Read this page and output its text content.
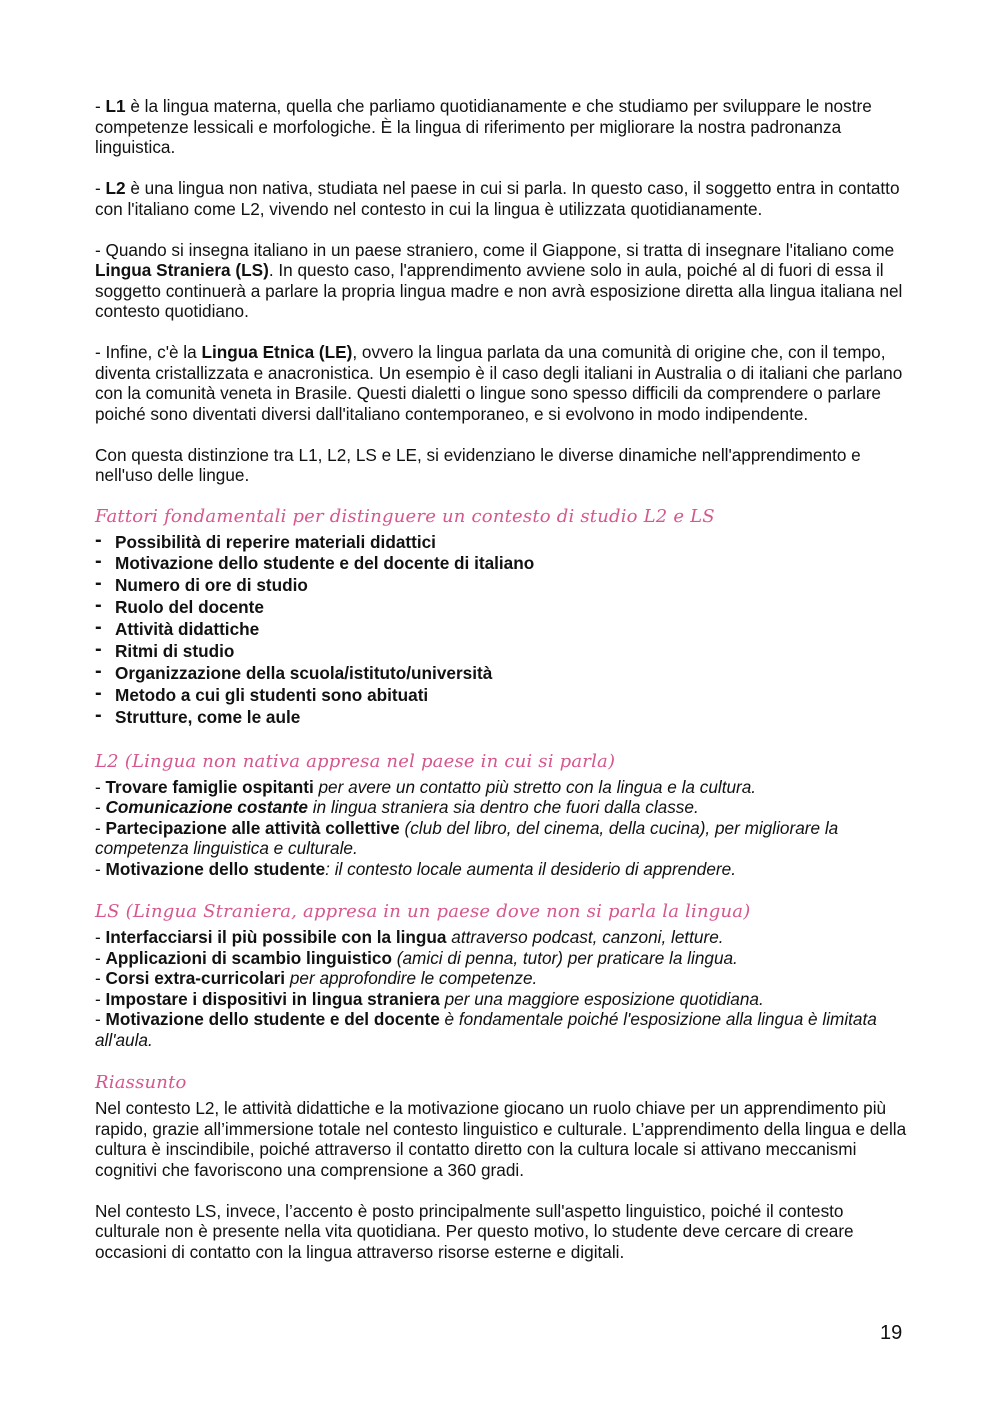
- L1 è la lingua materna, quella che parliamo quotidianamente e che studiamo per sviluppare le nostre competenze lessicali e morfologiche. È la lingua di riferimento per migliorare la nostra padronanza linguistica.

- L2 è una lingua non nativa, studiata nel paese in cui si parla. In questo caso, il soggetto entra in contatto con l'italiano come L2, vivendo nel contesto in cui la lingua è utilizzata quotidianamente.

- Quando si insegna italiano in un paese straniero, come il Giappone, si tratta di insegnare l'italiano come Lingua Straniera (LS). In questo caso, l'apprendimento avviene solo in aula, poiché al di fuori di essa il soggetto continuerà a parlare la propria lingua madre e non avrà esposizione diretta alla lingua italiana nel contesto quotidiano.

- Infine, c'è la Lingua Etnica (LE), ovvero la lingua parlata da una comunità di origine che, con il tempo, diventa cristallizzata e anacronistica. Un esempio è il caso degli italiani in Australia o di italiani che parlano con la comunità veneta in Brasile. Questi dialetti o lingue sono spesso difficili da comprendere o parlare poiché sono diventati diversi dall'italiano contemporaneo, e si evolvono in modo indipendente.

Con questa distinzione tra L1, L2, LS e LE, si evidenziano le diverse dinamiche nell'apprendimento e nell'uso delle lingue.

Fattori fondamentali per distinguere un contesto di studio L2 e LS
- Possibilità di reperire materiali didattici
- Motivazione dello studente e del docente di italiano
- Numero di ore di studio
- Ruolo del docente
- Attività didattiche
- Ritmi di studio
- Organizzazione della scuola/istituto/università
- Metodo a cui gli studenti sono abituati
- Strutture, come le aule
L2 (Lingua non nativa appresa nel paese in cui si parla)

- Trovare famiglie ospitanti per avere un contatto più stretto con la lingua e la cultura.

- Comunicazione costante in lingua straniera sia dentro che fuori dalla classe.

- Partecipazione alle attività collettive (club del libro, del cinema, della cucina), per migliorare la competenza linguistica e culturale.

- Motivazione dello studente: il contesto locale aumenta il desiderio di apprendere.

LS (Lingua Straniera, appresa in un paese dove non si parla la lingua)

- Interfacciarsi il più possibile con la lingua attraverso podcast, canzoni, letture.

- Applicazioni di scambio linguistico (amici di penna, tutor) per praticare la lingua.

- Corsi extra-curricolari per approfondire le competenze.

- Impostare i dispositivi in lingua straniera per una maggiore esposizione quotidiana.

- Motivazione dello studente e del docente è fondamentale poiché l'esposizione alla lingua è limitata all'aula.

Riassunto

Nel contesto L2, le attività didattiche e la motivazione giocano un ruolo chiave per un apprendimento più rapido, grazie all’immersione totale nel contesto linguistico e culturale. L’apprendimento della lingua e della cultura è inscindibile, poiché attraverso il contatto diretto con la cultura locale si attivano meccanismi cognitivi che favoriscono una comprensione a 360 gradi.

Nel contesto LS, invece, l’accento è posto principalmente sull'aspetto linguistico, poiché il contesto culturale non è presente nella vita quotidiana. Per questo motivo, lo studente deve cercare di creare occasioni di contatto con la lingua attraverso risorse esterne e digitali.

19
